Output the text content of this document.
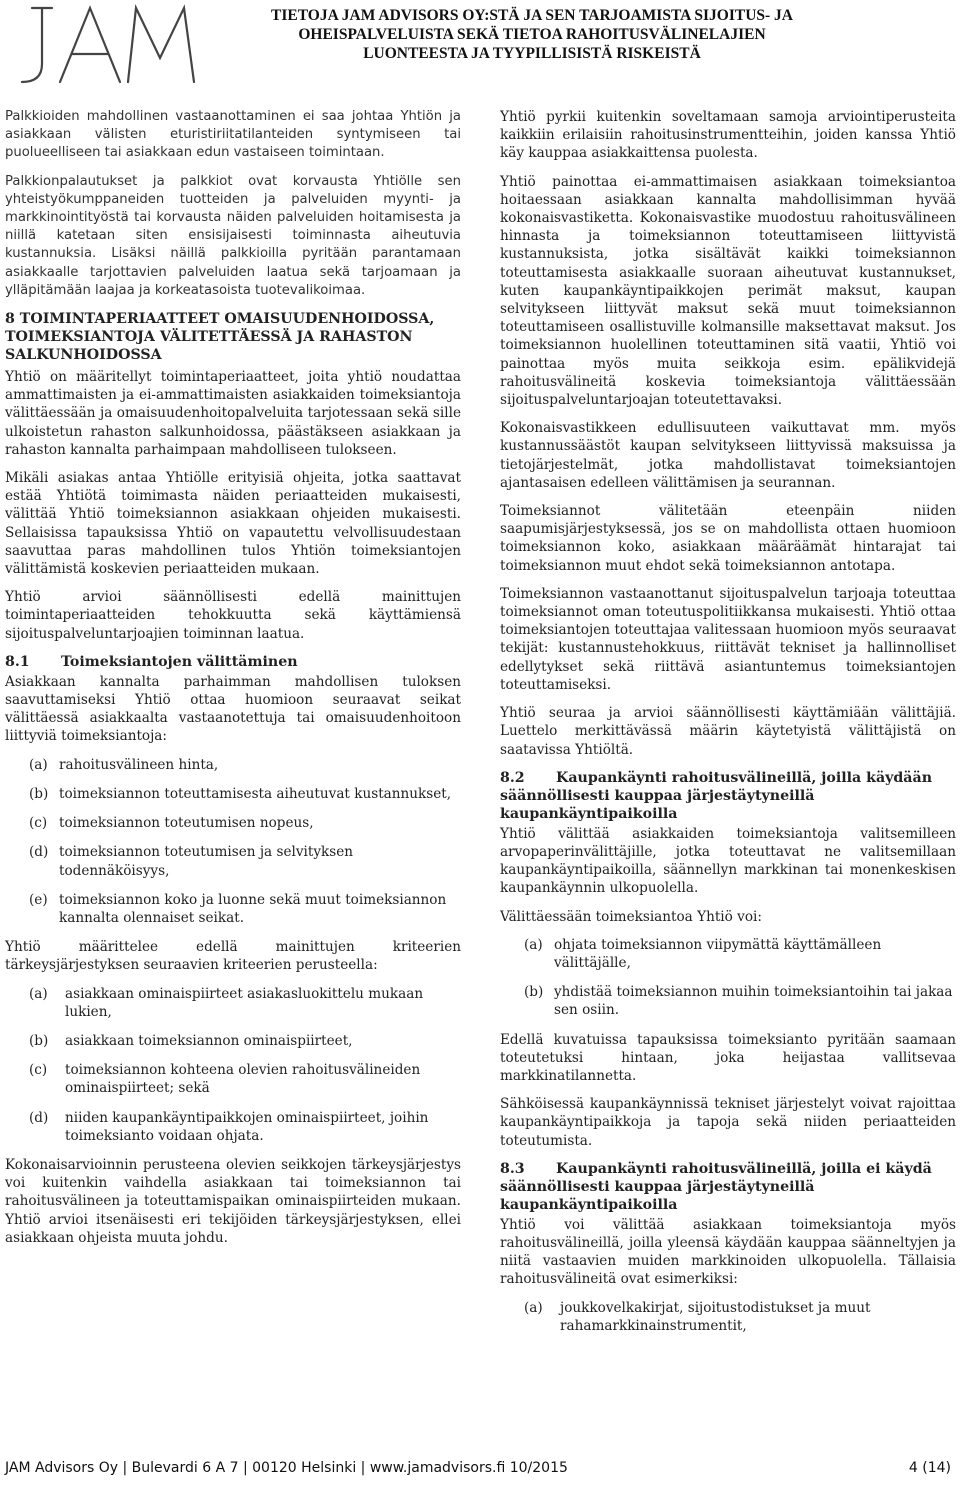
TIETOJA JAM ADVISORS OY:STÄ JA SEN TARJOAMISTA SIJOITUS- JA
OHEISPALVELUISTA SEKÄ TIETOA RAHOITUSVÄLINELAJIEN
LUONTEESTA JA TYYPILLISISTÄ RISKEISTÄ

Palkkioiden mahdollinen vastaanottaminen ei saa johtaa Yhtiön ja asiakkaan välisten eturistiriitatilanteiden syntymiseen tai puolueelliseen tai asiakkaan edun vastaiseen toimintaan.

Palkkionpalautukset ja palkkiot ovat korvausta Yhtiölle sen yhteistyökumppaneiden tuotteiden ja palveluiden myynti- ja markkinointityöstä tai korvausta näiden palveluiden hoitamisesta ja niillä katetaan siten ensisijaisesti toiminnasta aiheutuvia kustannuksia. Lisäksi näillä palkkioilla pyritään parantamaan asiakkaalle tarjottavien palveluiden laatua sekä tarjoamaan ja ylläpitämään laajaa ja korkeatasoista tuotevalikoimaa.

8 TOIMINTAPERIAATTEET OMAISUUDENHOIDOSSA, TOIMEKSIANTOJA VÄLITETTÄESSÄ JA RAHASTON SALKUNHOIDOSSA

Yhtiö on määritellyt toimintaperiaatteet, joita yhtiö noudattaa ammattimaisten ja ei-ammattimaisten asiakkaiden toimeksiantoja välittäessään ja omaisuudenhoitopalveluita tarjotessaan sekä sille ulkoistetun rahaston salkunhoidossa, päästäkseen asiakkaan ja rahaston kannalta parhaimpaan mahdolliseen tulokseen.

Mikäli asiakas antaa Yhtiölle erityisiä ohjeita, jotka saattavat estää Yhtiötä toimimasta näiden periaatteiden mukaisesti, välittää Yhtiö toimeksiannon asiakkaan ohjeiden mukaisesti. Sellaisissa tapauksissa Yhtiö on vapautettu velvollisuudestaan saavuttaa paras mahdollinen tulos Yhtiön toimeksiantojen välittämistä koskevien periaatteiden mukaan.

Yhtiö arvioi säännöllisesti edellä mainittujen toimintaperiaatteiden tehokkuutta sekä käyttämiensä sijoituspalveluntarjoajien toiminnan laatua.

8.1 Toimeksiantojen välittäminen

Asiakkaan kannalta parhaimman mahdollisen tuloksen saavuttamiseksi Yhtiö ottaa huomioon seuraavat seikat välittäessä asiakkaalta vastaanotettuja tai omaisuudenhoitoon liittyviä toimeksiantoja:

(a) rahoitusvälineen hinta,
(b) toimeksiannon toteuttamisesta aiheutuvat kustannukset,
(c) toimeksiannon toteutumisen nopeus,
(d) toimeksiannon toteutumisen ja selvityksen todennäköisyys,
(e) toimeksiannon koko ja luonne sekä muut toimeksiannon kannalta olennaiset seikat.

Yhtiö määrittelee edellä mainittujen kriteerien tärkeysjärjestyksen seuraavien kriteerien perusteella:

(a) asiakkaan ominaispiirteet asiakasluokittelu mukaan lukien,
(b) asiakkaan toimeksiannon ominaispiirteet,
(c) toimeksiannon kohteena olevien rahoitusvälineiden ominaispiirteet; sekä
(d) niiden kaupankäyntipaikkojen ominaispiirteet, joihin toimeksianto voidaan ohjata.

Kokonaisarvioinnin perusteena olevien seikkojen tärkeysjärjestys voi kuitenkin vaihdella asiakkaan tai toimeksiannon tai rahoitusvälineen ja toteuttamispaikan ominaispiirteiden mukaan. Yhtiö arvioi itsenäisesti eri tekijöiden tärkeysjärjestyksen, ellei asiakkaan ohjeista muuta johdu.

Yhtiö pyrkii kuitenkin soveltamaan samoja arviointiperusteita kaikkiin erilaisiin rahoitusinstrumentteihin, joiden kanssa Yhtiö käy kauppaa asiakkaittensa puolesta.

Yhtiö painottaa ei-ammattimaisen asiakkaan toimeksiantoa hoitaessaan asiakkaan kannalta mahdollisimman hyvää kokonaisvastiketta. Kokonaisvastike muodostuu rahoitusvälineen hinnasta ja toimeksiannon toteuttamiseen liittyvistä kustannuksista, jotka sisältävät kaikki toimeksiannon toteuttamisesta asiakkaalle suoraan aiheutuvat kustannukset, kuten kaupankäyntipaikkojen perimät maksut, kaupan selvitykseen liittyvät maksut sekä muut toimeksiannon toteuttamiseen osallistuville kolmansille maksettavat maksut. Jos toimeksiannon huolellinen toteuttaminen sitä vaatii, Yhtiö voi painottaa myös muita seikkoja esim. epälikvidejä rahoitusvälineitä koskevia toimeksiantoja välittäessään sijoituspalveluntarjoajan toteutettavaksi.

Kokonaisvastikkeen edullisuuteen vaikuttavat mm. myös kustannussäästöt kaupan selvitykseen liittyvissä maksuissa ja tietojärjestelmät, jotka mahdollistavat toimeksiantojen ajantasaisen edelleen välittämisen ja seurannan.

Toimeksiannot välitetään eteenpäin niiden saapumisjärjestyksessä, jos se on mahdollista ottaen huomioon toimeksiannon koko, asiakkaan määräämät hintarajat tai toimeksiannon muut ehdot sekä toimeksiannon antotapa.

Toimeksiannon vastaanottanut sijoituspalvelun tarjoaja toteuttaa toimeksiannot oman toteutuspolitiikkansa mukaisesti. Yhtiö ottaa toimeksiantojen toteuttajaa valitessaan huomioon myös seuraavat tekijät: kustannustehokkuus, riittävät tekniset ja hallinnolliset edellytykset sekä riittävä asiantuntemus toimeksiantojen toteuttamiseksi.

Yhtiö seuraa ja arvioi säännöllisesti käyttämiään välittäjiä. Luettelo merkittävässä määrin käytetyistä välittäjistä on saatavissa Yhtiöltä.

8.2 Kaupankäynti rahoitusvälineillä, joilla käydään säännöllisesti kauppaa järjestäytyneillä kaupankäyntipaikoilla

Yhtiö välittää asiakkaiden toimeksiantoja valitsemilleen arvopaperinvälittäjille, jotka toteuttavat ne valitsemillaan kaupankäyntipaikoilla, säännellyn markkinan tai monenkeskisen kaupankäynnin ulkopuolella.

Välittäessään toimeksiantoa Yhtiö voi:

(a) ohjata toimeksiannon viipymättä käyttämälleen välittäjälle,
(b) yhdistää toimeksiannon muihin toimeksiantoihin tai jakaa sen osiin.

Edellä kuvatuissa tapauksissa toimeksianto pyritään saamaan toteutetuksi hintaan, joka heijastaa vallitsevaa markkinatilannetta.

Sähköisessä kaupankäynnissä tekniset järjestelyt voivat rajoittaa kaupankäyntipaikkoja ja tapoja sekä niiden periaatteiden toteutumista.

8.3 Kaupankäynti rahoitusvälineillä, joilla ei käydä säännöllisesti kauppaa järjestäytyneillä kaupankäyntipaikoilla

Yhtiö voi välittää asiakkaan toimeksiantoja myös rahoitusvälineillä, joilla yleensä käydään kauppaa säänneltyjen ja niitä vastaavien muiden markkinoiden ulkopuolella. Tällaisia rahoitusvälineitä ovat esimerkiksi:

(a) joukkovelkakirjat, sijoitustodistukset ja muut rahamarkkinainstrumentit,
JAM Advisors Oy | Bulevardi 6 A 7 | 00120 Helsinki | www.jamadvisors.fi 10/2015	4 (14)
